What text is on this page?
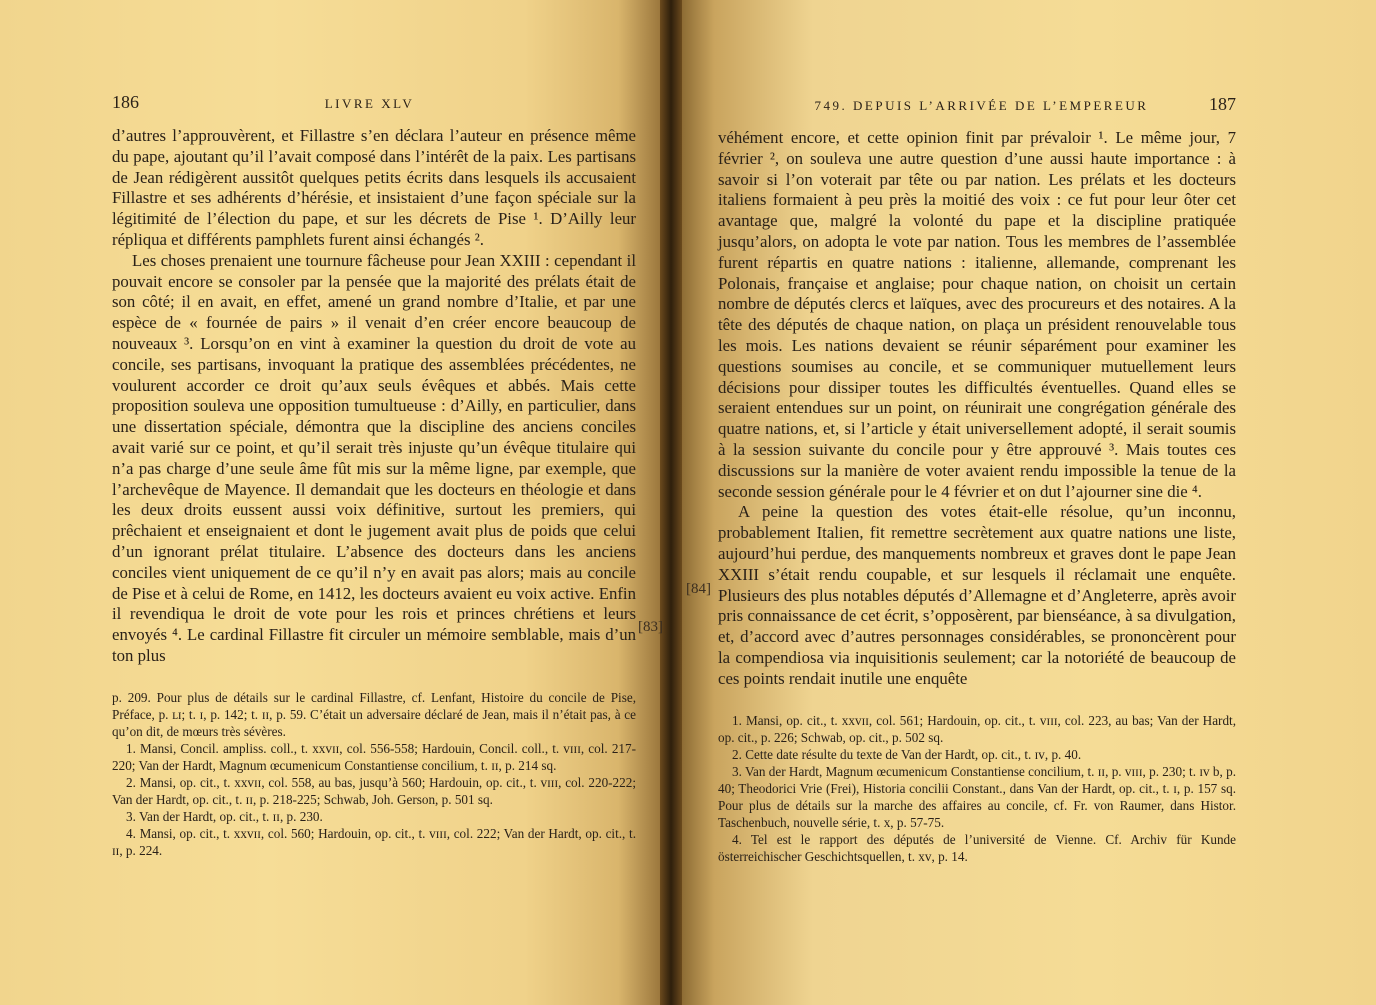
186	LIVRE XLV

d’autres l’approuvèrent, et Fillastre s’en déclara l’auteur en présence même du pape, ajoutant qu’il l’avait composé dans l’intérêt de la paix. Les partisans de Jean rédigèrent aussitôt quelques petits écrits dans lesquels ils accusaient Fillastre et ses adhérents d’hérésie, et insistaient d’une façon spéciale sur la légitimité de l’élection du pape, et sur les décrets de Pise ¹. D’Ailly leur répliqua et différents pamphlets furent ainsi échangés ².

Les choses prenaient une tournure fâcheuse pour Jean XXIII : cependant il pouvait encore se consoler par la pensée que la majorité des prélats était de son côté; il en avait, en effet, amené un grand nombre d’Italie, et par une espèce de « fournée de pairs » il venait d’en créer encore beaucoup de nouveaux ³. Lorsqu’on en vint à examiner la question du droit de vote au concile, ses partisans, invoquant la pratique des assemblées précédentes, ne voulurent accorder ce droit qu’aux seuls évêques et abbés. Mais cette proposition souleva une opposition tumultueuse : d’Ailly, en particulier, dans une dissertation spéciale, démontra que la discipline des anciens conciles avait varié sur ce point, et qu’il serait très injuste qu’un évêque titulaire qui n’a pas charge d’une seule âme fût mis sur la même ligne, par exemple, que l’archevêque de Mayence. Il demandait que les docteurs en théologie et dans les deux droits eussent aussi voix définitive, surtout les premiers, qui prêchaient et enseignaient et dont le jugement avait plus de poids que celui d’un ignorant prélat titulaire. L’absence des docteurs dans les anciens conciles vient uniquement de ce qu’il n’y en avait pas alors; mais au concile de Pise et à celui de Rome, en 1412, les docteurs avaient eu voix active. Enfin il revendiqua le droit de vote pour les rois et princes chrétiens et leurs envoyés ⁴. Le cardinal Fillastre fit circuler un mémoire semblable, mais d’un ton plus

p. 209. Pour plus de détails sur le cardinal Fillastre, cf. Lenfant, Histoire du concile de Pise, Préface, p. ʟɪ; t. ɪ, p. 142; t. ɪɪ, p. 59. C’était un adversaire déclaré de Jean, mais il n’était pas, à ce qu’on dit, de mœurs très sévères.

1. Mansi, Concil. ampliss. coll., t. xxᴠɪɪ, col. 556-558; Hardouin, Concil. coll., t. ᴠɪɪɪ, col. 217-220; Van der Hardt, Magnum œcumenicum Constantiense concilium, t. ɪɪ, p. 214 sq.

2. Mansi, op. cit., t. xxᴠɪɪ, col. 558, au bas, jusqu’à 560; Hardouin, op. cit., t. ᴠɪɪɪ, col. 220-222; Van der Hardt, op. cit., t. ɪɪ, p. 218-225; Schwab, Joh. Gerson, p. 501 sq.

3. Van der Hardt, op. cit., t. ɪɪ, p. 230.

4. Mansi, op. cit., t. xxᴠɪɪ, col. 560; Hardouin, op. cit., t. ᴠɪɪɪ, col. 222; Van der Hardt, op. cit., t. ɪɪ, p. 224.

749. DEPUIS L’ARRIVÉE DE L’EMPEREUR	187

véhément encore, et cette opinion finit par prévaloir ¹. Le même jour, 7 février ², on souleva une autre question d’une aussi haute importance : à savoir si l’on voterait par tête ou par nation. Les prélats et les docteurs italiens formaient à peu près la moitié des voix : ce fut pour leur ôter cet avantage que, malgré la volonté du pape et la discipline pratiquée jusqu’alors, on adopta le vote par nation. Tous les membres de l’assemblée furent répartis en quatre nations : italienne, allemande, comprenant les Polonais, française et anglaise; pour chaque nation, on choisit un certain nombre de députés clercs et laïques, avec des procureurs et des notaires. A la tête des députés de chaque nation, on plaça un président renouvelable tous les mois. Les nations devaient se réunir séparément pour examiner les questions soumises au concile, et se communiquer mutuellement leurs décisions pour dissiper toutes les difficultés éventuelles. Quand elles se seraient entendues sur un point, on réunirait une congrégation générale des quatre nations, et, si l’article y était universellement adopté, il serait soumis à la session suivante du concile pour y être approuvé ³. Mais toutes ces discussions sur la manière de voter avaient rendu impossible la tenue de la seconde session générale pour le 4 février et on dut l’ajourner sine die ⁴.

A peine la question des votes était-elle résolue, qu’un inconnu, probablement Italien, fit remettre secrètement aux quatre nations une liste, aujourd’hui perdue, des manquements nombreux et graves dont le pape Jean XXIII s’était rendu coupable, et sur lesquels il réclamait une enquête. Plusieurs des plus notables députés d’Allemagne et d’Angleterre, après avoir pris connaissance de cet écrit, s’opposèrent, par bienséance, à sa divulgation, et, d’accord avec d’autres personnages considérables, se prononcèrent pour la compendiosa via inquisitionis seulement; car la notoriété de beaucoup de ces points rendait inutile une enquête

1. Mansi, op. cit., t. xxᴠɪɪ, col. 561; Hardouin, op. cit., t. ᴠɪɪɪ, col. 223, au bas; Van der Hardt, op. cit., p. 226; Schwab, op. cit., p. 502 sq.

2. Cette date résulte du texte de Van der Hardt, op. cit., t. ɪᴠ, p. 40.

3. Van der Hardt, Magnum œcumenicum Constantiense concilium, t. ɪɪ, p. ᴠɪɪɪ, p. 230; t. ɪᴠ b, p. 40; Theodorici Vrie (Frei), Historia concilii Constant., dans Van der Hardt, op. cit., t. ɪ, p. 157 sq. Pour plus de détails sur la marche des affaires au concile, cf. Fr. von Raumer, dans Histor. Taschenbuch, nouvelle série, t. x, p. 57-75.

4. Tel est le rapport des députés de l’université de Vienne. Cf. Archiv für Kunde österreichischer Geschichtsquellen, t. xᴠ, p. 14.

[83]
[84]
